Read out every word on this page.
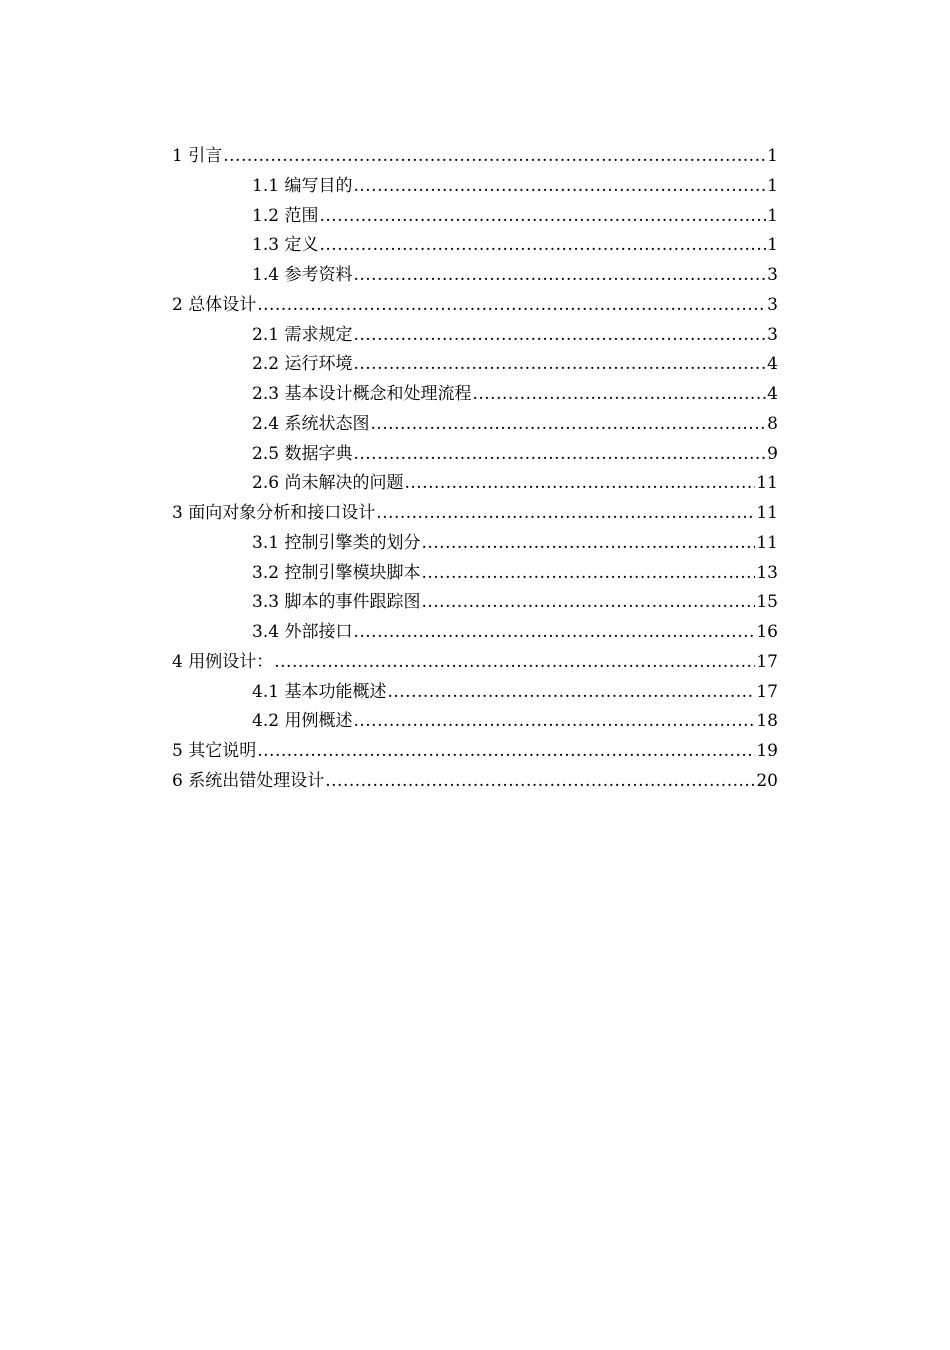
1 引言 .....	1
1.1 编写目的 .....	1
1.2 范围 .....	1
1.3 定义 .....	1
1.4 参考资料 .....	3
2 总体设计 .....	3
2.1 需求规定 .....	3
2.2 运行环境 .....	4
2.3 基本设计概念和处理流程 .....	4
2.4 系统状态图 .....	8
2.5 数据字典 .....	9
2.6 尚未解决的问题 .....	11
3 面向对象分析和接口设计 .....	11
3.1 控制引擎类的划分 .....	11
3.2 控制引擎模块脚本 .....	13
3.3 脚本的事件跟踪图 .....	15
3.4 外部接口 .....	16
4 用例设计： .....	17
4.1 基本功能概述 .....	17
4.2 用例概述 .....	18
5 其它说明 .....	19
6 系统出错处理设计 .....	20
